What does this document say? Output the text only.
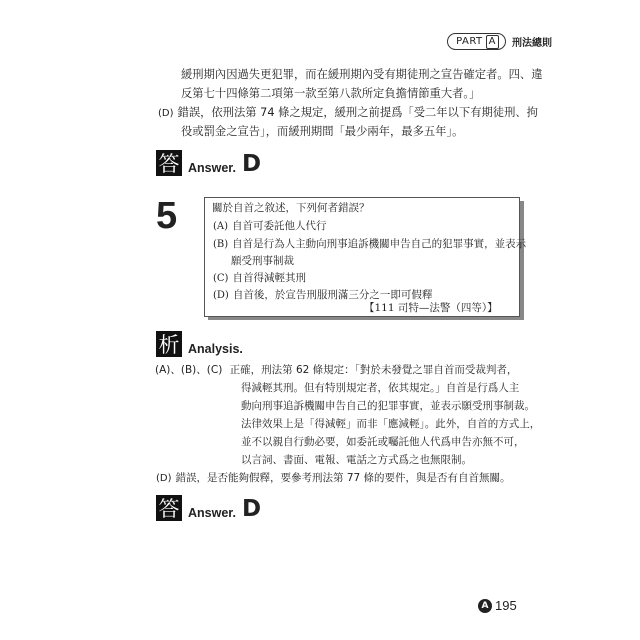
PART A	刑法總則
緩刑期內因過失更犯罪，而在緩刑期內受有期徒刑之宣告確定者。四、違
反第七十四條第二項第一款至第八款所定負擔情節重大者。」
(D) 錯誤，依刑法第 74 條之規定，緩刑之前提爲「受二年以下有期徒刑、拘
役或罰金之宣告」，而緩刑期間「最少兩年，最多五年」。
答 Answer. D
5	關於自首之敘述，下列何者錯誤？
(A) 自首可委託他人代行
(B) 自首是行為人主動向刑事追訴機關申告自己的犯罪事實，並表示
願受刑事制裁
(C) 自首得減輕其刑
(D) 自首後，於宣告刑服刑滿三分之一即可假釋
【111 司特—法警（四等）】
析 Analysis.
(A)、(B)、(C) 正確，刑法第 62 條規定：「對於未發覺之罪自首而受裁判者，
得減輕其刑。但有特別規定者，依其規定。」自首是行爲人主
動向刑事追訴機關申告自己的犯罪事實，並表示願受刑事制裁。
法律效果上是「得減輕」而非「應減輕」。此外，自首的方式上，
並不以親自行動必要，如委託或囑託他人代爲申告亦無不可，
以言詞、書面、電報、電話之方式爲之也無限制。
(D) 錯誤，是否能夠假釋，要參考刑法第 77 條的要件，與是否有自首無關。
答 Answer. D
A 195
